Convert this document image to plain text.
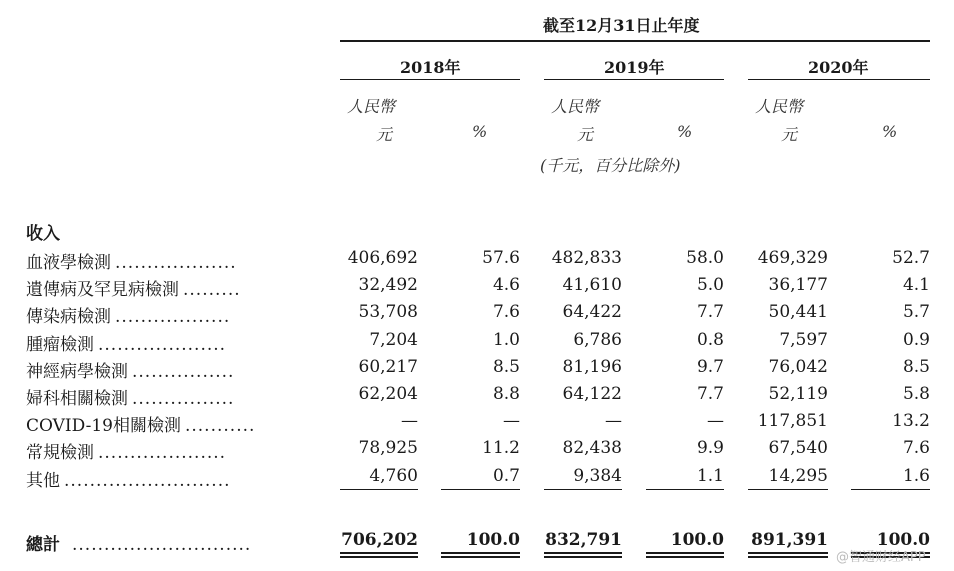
截至12月31日止年度
2018年	2019年	2020年
人民幣	人民幣	人民幣
元	%	元	%	元	%
(千元，百分比除外)
收入
血液學檢測 ...................	406,692	57.6	482,833	58.0	469,329	52.7
遺傳病及罕見病檢測 .........	32,492	4.6	41,610	5.0	36,177	4.1
傳染病檢測 ..................	53,708	7.6	64,422	7.7	50,441	5.7
腫瘤檢測 ....................	7,204	1.0	6,786	0.8	7,597	0.9
神經病學檢測 ................	60,217	8.5	81,196	9.7	76,042	8.5
婦科相關檢測 ................	62,204	8.8	64,122	7.7	52,119	5.8
COVID-19相關檢測 ...........	—	—	—	—	117,851	13.2
常規檢測 ....................	78,925	11.2	82,438	9.9	67,540	7.6
其他 ..........................	4,760	0.7	9,384	1.1	14,295	1.6
總計 ............................	706,202	100.0	832,791	100.0	891,391	100.0
@智通财经APP
